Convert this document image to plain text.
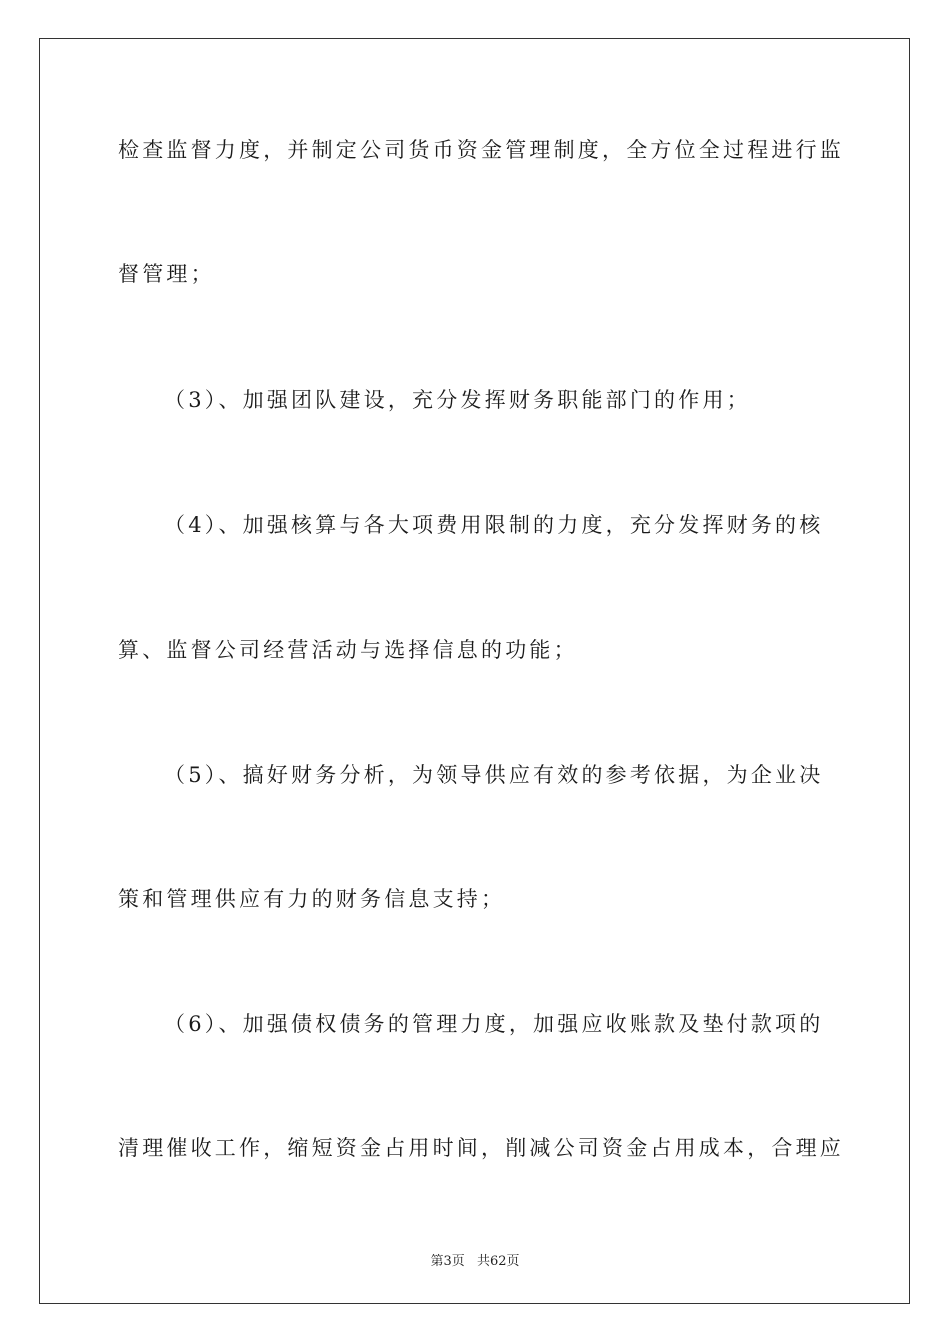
检查监督力度，并制定公司货币资金管理制度，全方位全过程进行监
督管理；
（3）、加强团队建设，充分发挥财务职能部门的作用；
（4）、加强核算与各大项费用限制的力度，充分发挥财务的核
算、监督公司经营活动与选择信息的功能；
（5）、搞好财务分析，为领导供应有效的参考依据，为企业决
策和管理供应有力的财务信息支持；
（6）、加强债权债务的管理力度，加强应收账款及垫付款项的
清理催收工作，缩短资金占用时间，削减公司资金占用成本，合理应
第3页 共62页
